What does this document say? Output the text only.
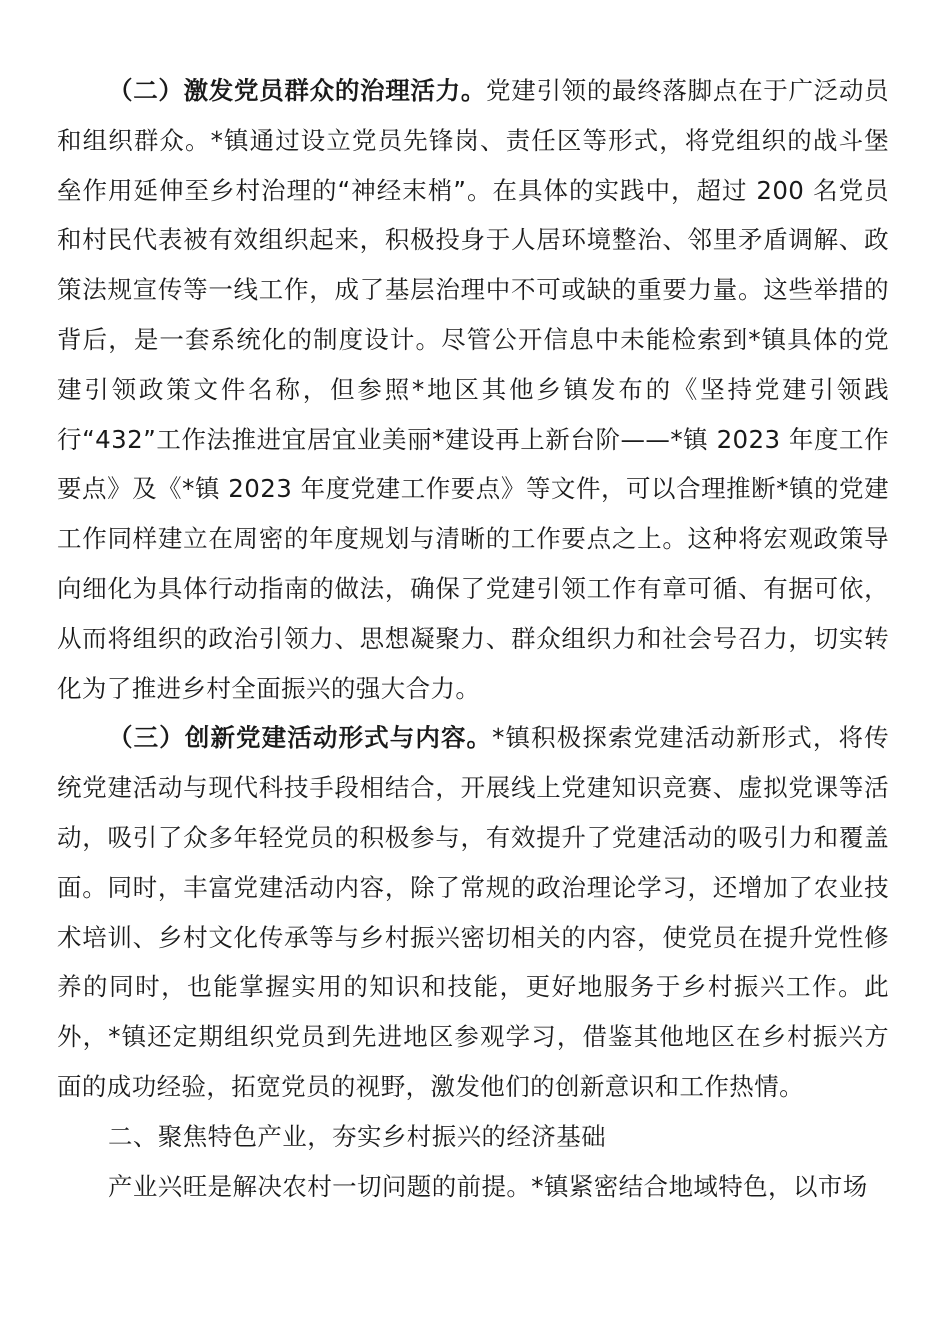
（二）激发党员群众的治理活力。党建引领的最终落脚点在于广泛动员和组织群众。*镇通过设立党员先锋岗、责任区等形式，将党组织的战斗堡垒作用延伸至乡村治理的“神经末梢”。在具体的实践中，超过 200 名党员和村民代表被有效组织起来，积极投身于人居环境整治、邻里矛盾调解、政策法规宣传等一线工作，成了基层治理中不可或缺的重要力量。这些举措的背后，是一套系统化的制度设计。尽管公开信息中未能检索到*镇具体的党建引领政策文件名称，但参照*地区其他乡镇发布的《坚持党建引领践行“432”工作法推进宜居宜业美丽*建设再上新台阶——*镇 2023 年度工作要点》及《*镇 2023 年度党建工作要点》等文件，可以合理推断*镇的党建工作同样建立在周密的年度规划与清晰的工作要点之上。这种将宏观政策导向细化为具体行动指南的做法，确保了党建引领工作有章可循、有据可依，从而将组织的政治引领力、思想凝聚力、群众组织力和社会号召力，切实转化为了推进乡村全面振兴的强大合力。

（三）创新党建活动形式与内容。*镇积极探索党建活动新形式，将传统党建活动与现代科技手段相结合，开展线上党建知识竞赛、虚拟党课等活动，吸引了众多年轻党员的积极参与，有效提升了党建活动的吸引力和覆盖面。同时，丰富党建活动内容，除了常规的政治理论学习，还增加了农业技术培训、乡村文化传承等与乡村振兴密切相关的内容，使党员在提升党性修养的同时，也能掌握实用的知识和技能，更好地服务于乡村振兴工作。此外，*镇还定期组织党员到先进地区参观学习，借鉴其他地区在乡村振兴方面的成功经验，拓宽党员的视野，激发他们的创新意识和工作热情。

二、聚焦特色产业，夯实乡村振兴的经济基础

产业兴旺是解决农村一切问题的前提。*镇紧密结合地域特色，以市场
